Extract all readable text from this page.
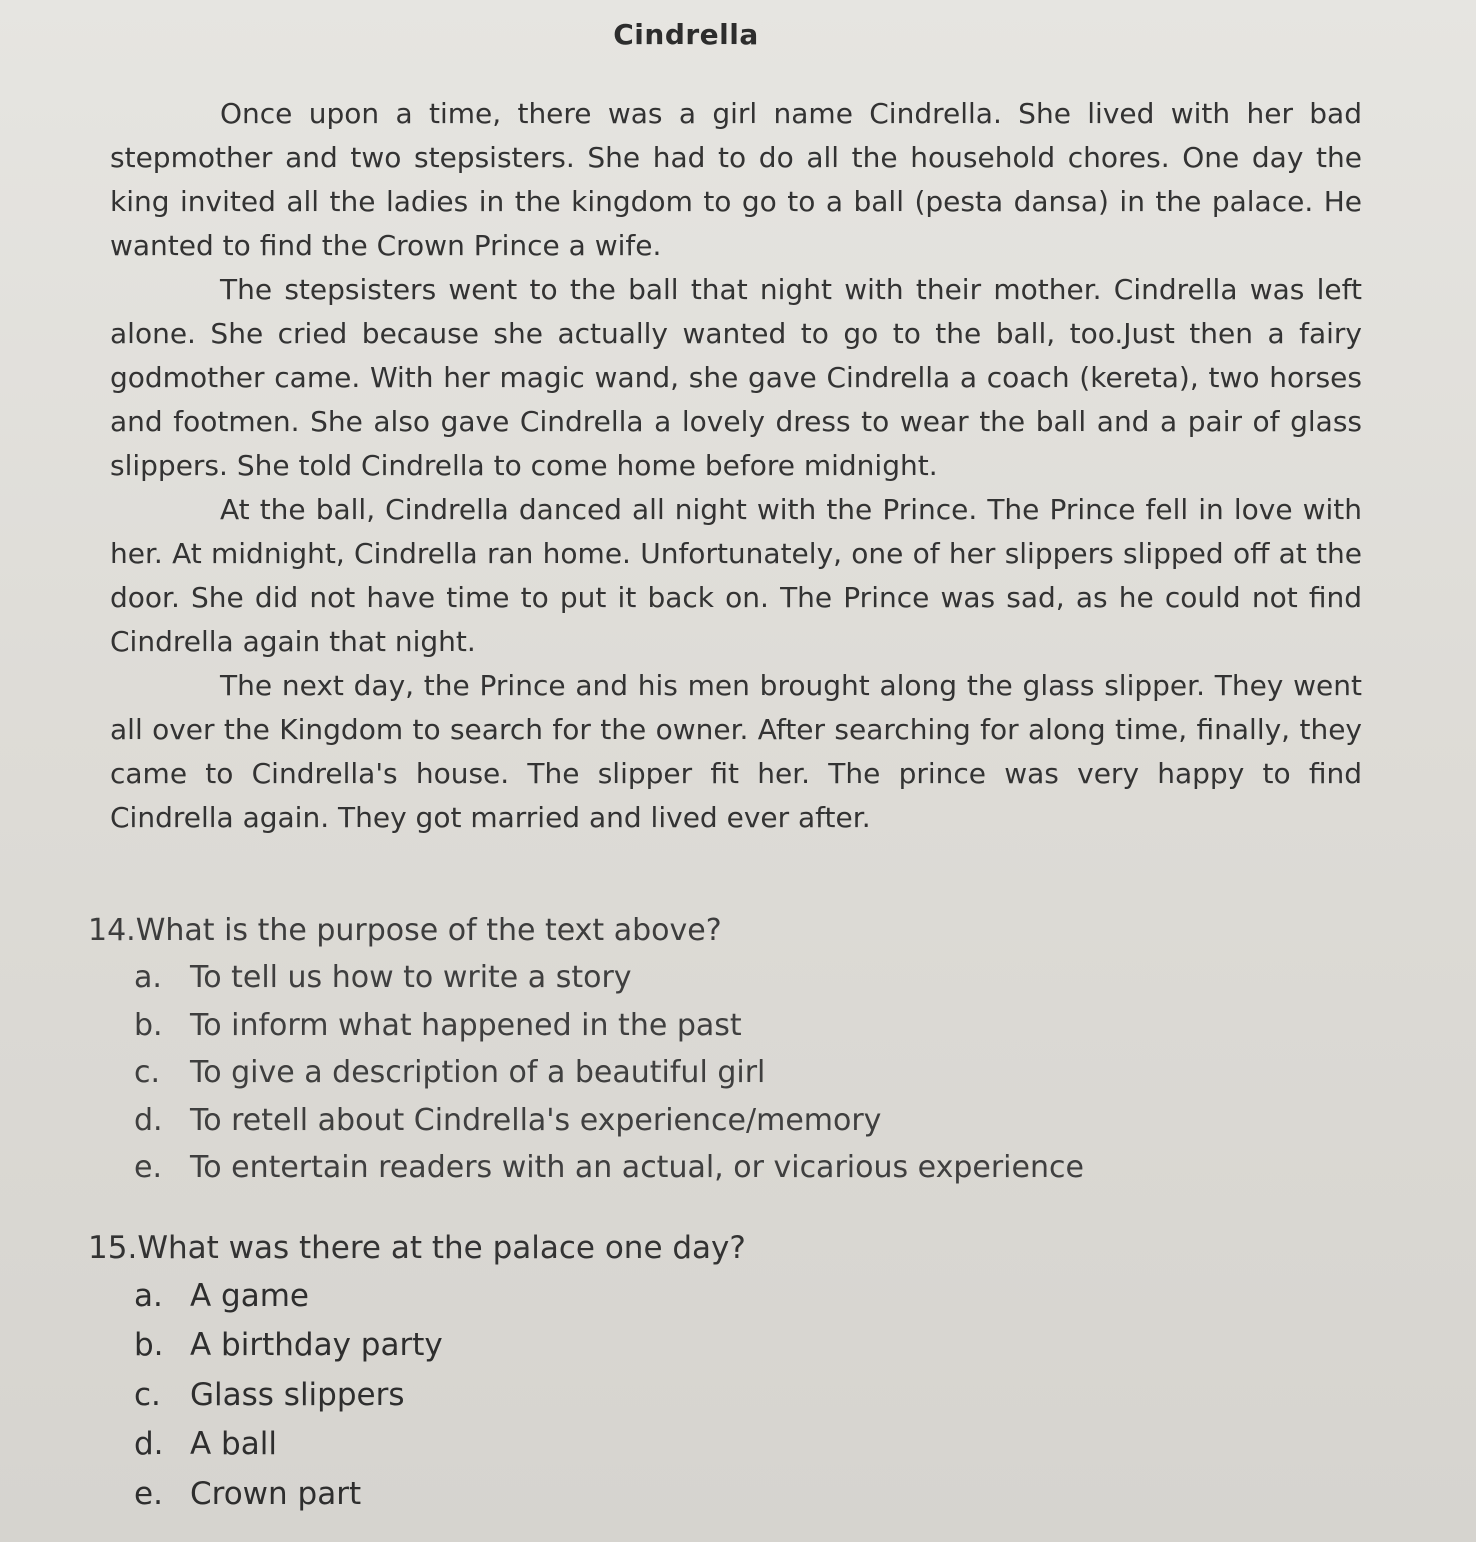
Cindrella

Once upon a time, there was a girl name Cindrella. She lived with her bad stepmother and two stepsisters. She had to do all the household chores. One day the king invited all the ladies in the kingdom to go to a ball (pesta dansa) in the palace. He wanted to find the Crown Prince a wife.

The stepsisters went to the ball that night with their mother. Cindrella was left alone. She cried because she actually wanted to go to the ball, too.Just then a fairy godmother came. With her magic wand, she gave Cindrella a coach (kereta), two horses and footmen. She also gave Cindrella a lovely dress to wear the ball and a pair of glass slippers. She told Cindrella to come home before midnight.

At the ball, Cindrella danced all night with the Prince. The Prince fell in love with her. At midnight, Cindrella ran home. Unfortunately, one of her slippers slipped off at the door. She did not have time to put it back on. The Prince was sad, as he could not find Cindrella again that night.

The next day, the Prince and his men brought along the glass slipper. They went all over the Kingdom to search for the owner. After searching for along time, finally, they came to Cindrella's house. The slipper fit her. The prince was very happy to find Cindrella again. They got married and lived ever after.

14.What is the purpose of the text above?
a. To tell us how to write a story
b. To inform what happened in the past
c. To give a description of a beautiful girl
d. To retell about Cindrella's experience/memory
e. To entertain readers with an actual, or vicarious experience
15.What was there at the palace one day?
a. A game
b. A birthday party
c. Glass slippers
d. A ball
e. Crown part
